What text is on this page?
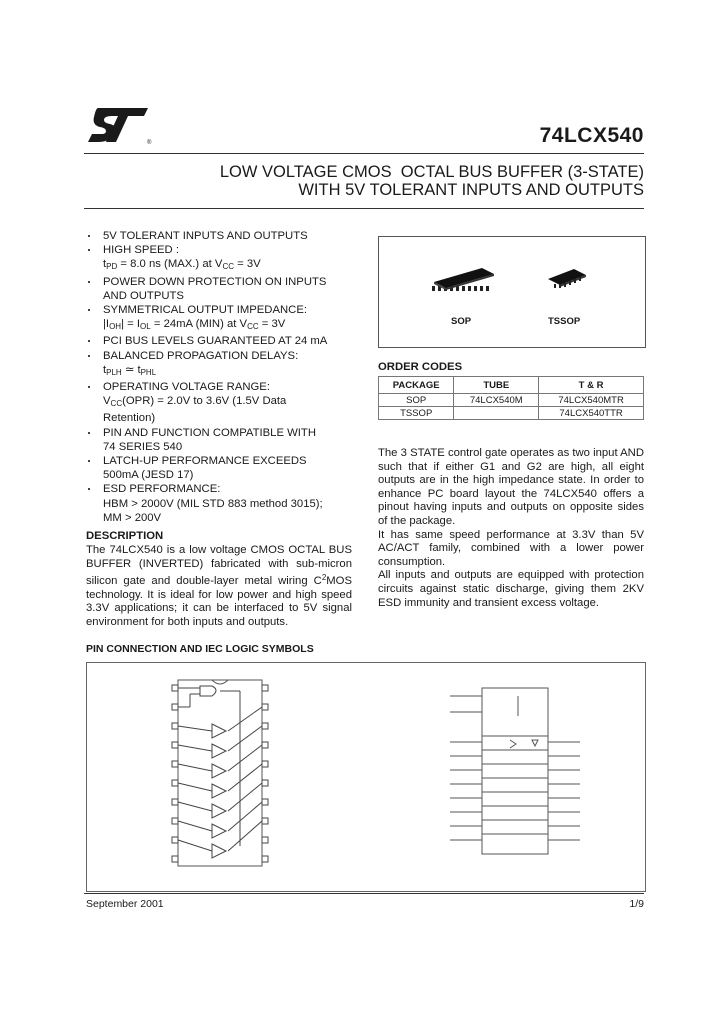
®	74LCX540
LOW VOLTAGE CMOS  OCTAL BUS BUFFER (3-STATE)
WITH 5V TOLERANT INPUTS AND OUTPUTS
5V TOLERANT INPUTS AND OUTPUTS
HIGH SPEED :
$t_{PD} = 8.0$ ns (MAX.) at $V_{CC} = 3V$
POWER DOWN PROTECTION ON INPUTS
AND OUTPUTS
SYMMETRICAL OUTPUT IMPEDANCE:
$|I_{OH}| = I_{OL} = 24mA$ (MIN) at $V_{CC} = 3V$
PCI BUS LEVELS GUARANTEED AT 24 mA
BALANCED PROPAGATION DELAYS:
$t_{PLH}$ ≃ $t_{PHL}$
OPERATING VOLTAGE RANGE:
$V_{CC}(OPR) = 2.0V$ to 3.6V (1.5V Data
Retention)
PIN AND FUNCTION COMPATIBLE WITH
74 SERIES 540
LATCH-UP PERFORMANCE EXCEEDS
500mA (JESD 17)
ESD PERFORMANCE:
HBM > 2000V (MIL STD 883 method 3015);
MM > 200V
SOP	TSSOP
ORDER CODES
PACKAGE	TUBE	T & R
SOP	74LCX540M	74LCX540MTR
TSSOP		74LCX540TTR

The 3 STATE control gate operates as two input AND such that if either G1 and G2 are high, all eight outputs are in the high impedance state. In order to enhance PC board layout the 74LCX540 offers a pinout having inputs and outputs on opposite sides of the package.

It has same speed performance at 3.3V than 5V AC/ACT family, combined with a lower power consumption.

All inputs and outputs are equipped with protection circuits against static discharge, giving them 2KV ESD immunity and transient excess voltage.

DESCRIPTION
The 74LCX540 is a low voltage CMOS OCTAL BUS BUFFER (INVERTED) fabricated with sub-micron silicon gate and double-layer metal wiring $C^2MOS$ technology. It is ideal for low power and high speed 3.3V applications; it can be interfaced to 5V signal environment for both inputs and outputs.
PIN CONNECTION AND IEC LOGIC SYMBOLS
September 2001	1/9
